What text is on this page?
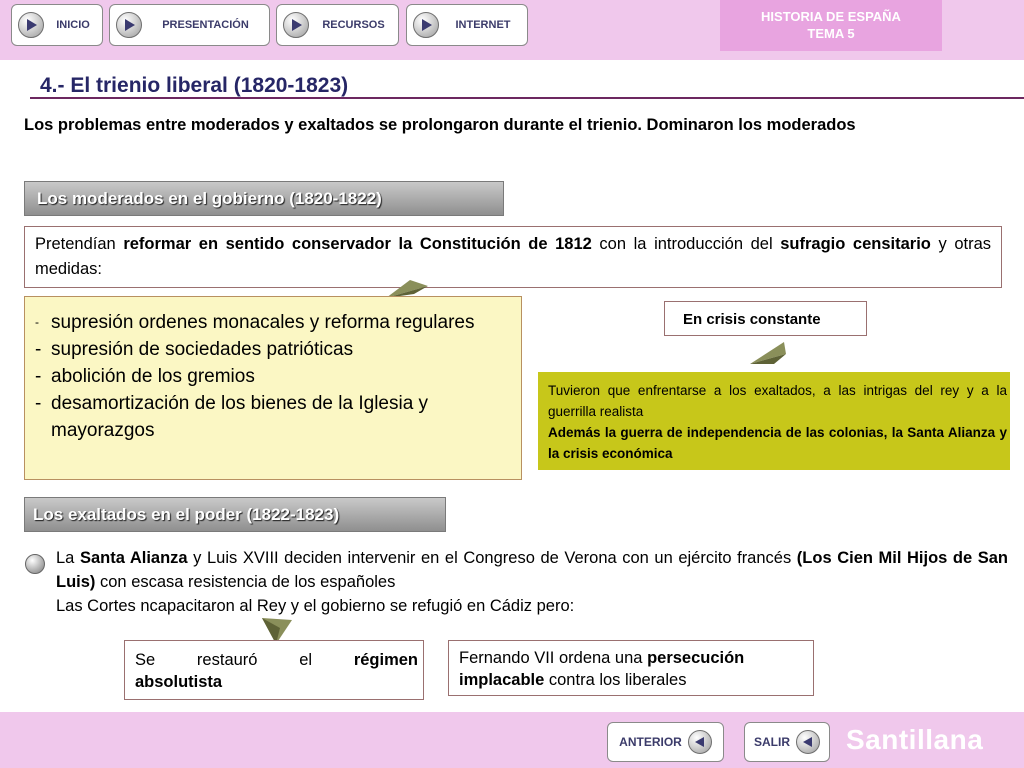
INICIO	PRESENTACIÓN	RECURSOS	INTERNET
HISTORIA DE ESPAÑA
TEMA 5
4.- El trienio liberal (1820-1823)
Los problemas entre moderados y exaltados se prolongaron durante el trienio. Dominaron los moderados
Los moderados en el gobierno (1820-1822)
Pretendían reformar en sentido conservador la Constitución de 1812 con la introducción del sufragio censitario y otras medidas:
- supresión ordenes monacales y reforma regulares
- supresión de sociedades patrióticas
- abolición de los gremios
- desamortización de los bienes de la Iglesia y mayorazgos
En crisis constante
Tuvieron que enfrentarse a los exaltados, a las intrigas del rey y a la guerrilla realista
Además la guerra de independencia de las colonias, la Santa Alianza y la crisis económica
Los exaltados en el poder (1822-1823)
La Santa Alianza y Luis XVIII deciden intervenir en el Congreso de Verona con un ejército francés (Los Cien Mil Hijos de San Luis) con escasa resistencia de los españoles
Las Cortes ncapacitaron al Rey y el gobierno se refugió en Cádiz pero:
Se restauró el régimen
absolutista
Fernando VII ordena una persecución implacable contra los liberales
ANTERIOR	SALIR Santillana
